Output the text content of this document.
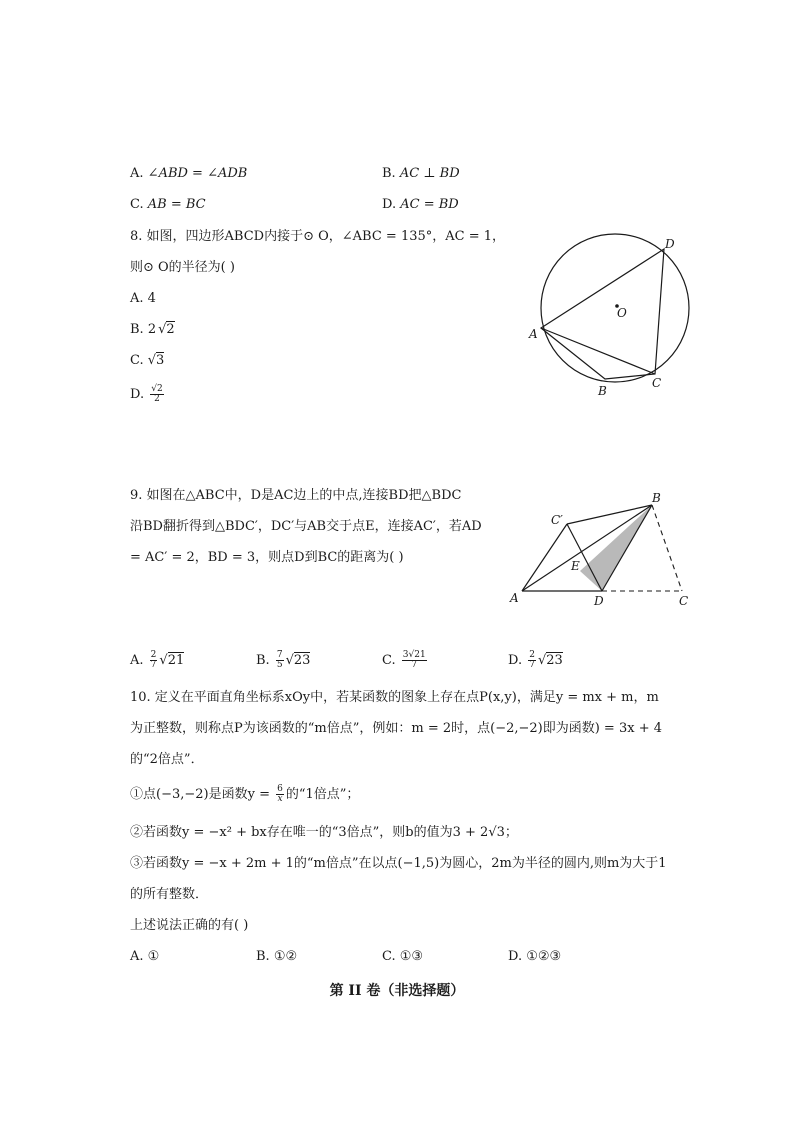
A. ∠ABD = ∠ADB	B. AC ⊥ BD
C. AB = BC	D. AC = BD
8. 如图，四边形ABCD内接于⊙ O，∠ABC = 135°，AC = 1，
则⊙ O的半径为( )
A. 4
B. 2 √2
C. √3
D. $\frac{√2}{2}$
O
A
D
C
B
9. 如图在△ABC中，D是AC边上的中点,连接BD把△BDC
沿BD翻折得到△BDC′，DC′与AB交于点E，连接AC′，若AD
= AC′ = 2，BD = 3，则点D到BC的距离为( )
A	D	C
B
C′
E
A. $\frac{2}{7} √21$	B. $\frac{7}{5} √23$	C. $\frac{3√21}{7}$	D. $\frac{2}{7} √23$
10. 定义在平面直角坐标系xOy中，若某函数的图象上存在点P(x,y)，满足y = mx + m，m
为正整数，则称点P为该函数的“m倍点”，例如：m = 2时，点(−2,−2)即为函数) = 3x + 4
的“2倍点”．
①点(−3,−2)是函数$y = \frac{6}{x}$ 的“1倍点”；
②若函数y = −x² + bx存在唯一的“3倍点”，则b的值为3 + 2√3；
③若函数y = −x + 2m + 1的“m倍点”在以点(−1,5)为圆心，2m为半径的圆内,则m为大于1
的所有整数．
上述说法正确的有( )
A. ①	B. ①②	C. ①③	D. ①②③
第 II 卷（非选择题）
